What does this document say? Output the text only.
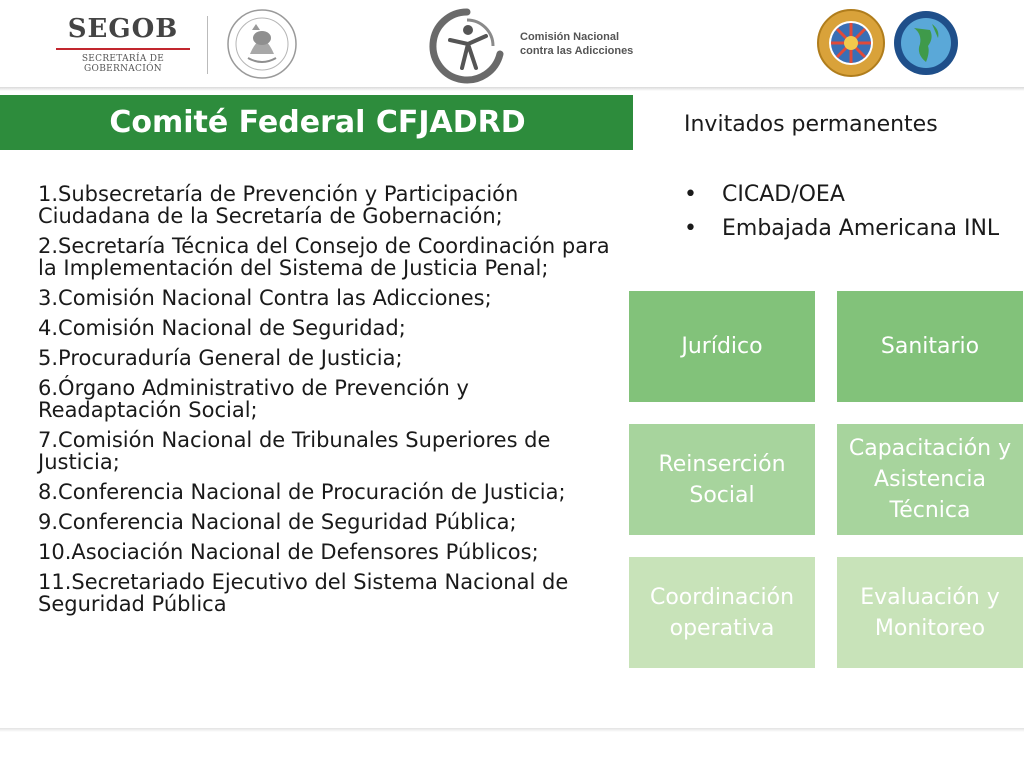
SEGOB
SECRETARÍA DE GOBERNACIÓN
Comisión Nacional
contra las Adicciones
Comité Federal CFJADRD
1.Subsecretaría de Prevención y Participación Ciudadana de la Secretaría de Gobernación;
2.Secretaría Técnica del Consejo de Coordinación para la Implementación del Sistema de Justicia Penal;
3.Comisión Nacional Contra las Adicciones;
4.Comisión Nacional de Seguridad;
5.Procuraduría General de Justicia;
6.Órgano Administrativo de Prevención y Readaptación Social;
7.Comisión Nacional de Tribunales Superiores de Justicia;
8.Conferencia Nacional de Procuración de Justicia;
9.Conferencia Nacional de Seguridad Pública;
10.Asociación Nacional de Defensores Públicos;
11.Secretariado Ejecutivo del Sistema Nacional de Seguridad Pública
Invitados permanentes
• CICAD/OEA
• Embajada Americana INL
Jurídico	Sanitario
Reinserción Social
Capacitación y Asistencia Técnica
Coordinación operativa
Evaluación y Monitoreo
